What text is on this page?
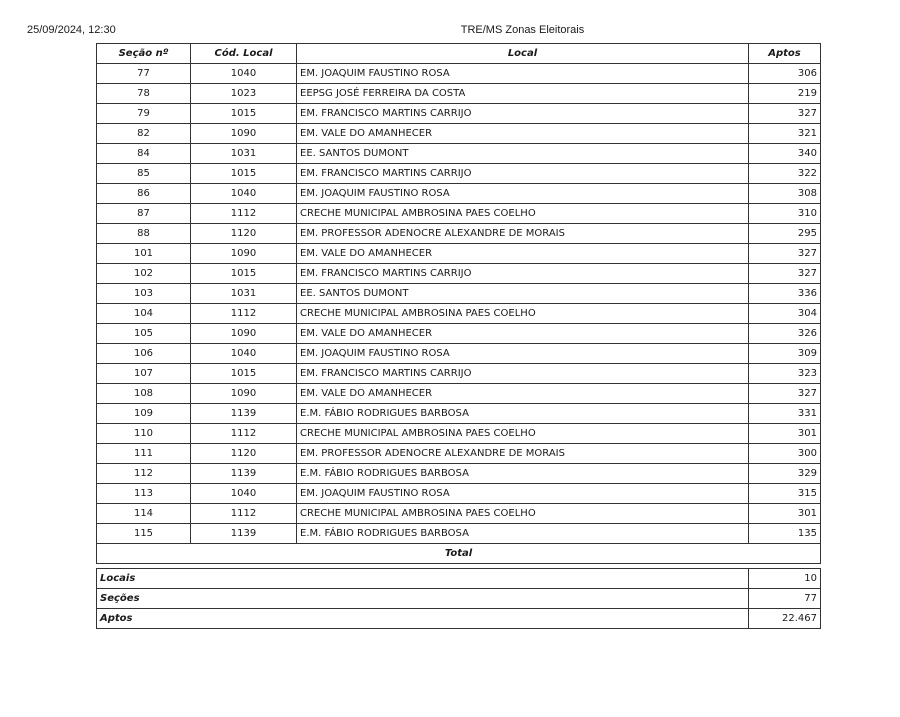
25/09/2024, 12:30	TRE/MS Zonas Eleitorais
Seção nº	Cód. Local	Local	Aptos
77	1040	EM. JOAQUIM FAUSTINO ROSA	306
78	1023	EEPSG JOSÉ FERREIRA DA COSTA	219
79	1015	EM. FRANCISCO MARTINS CARRIJO	327
82	1090	EM. VALE DO AMANHECER	321
84	1031	EE. SANTOS DUMONT	340
85	1015	EM. FRANCISCO MARTINS CARRIJO	322
86	1040	EM. JOAQUIM FAUSTINO ROSA	308
87	1112	CRECHE MUNICIPAL AMBROSINA PAES COELHO	310
88	1120	EM. PROFESSOR ADENOCRE ALEXANDRE DE MORAIS	295
101	1090	EM. VALE DO AMANHECER	327
102	1015	EM. FRANCISCO MARTINS CARRIJO	327
103	1031	EE. SANTOS DUMONT	336
104	1112	CRECHE MUNICIPAL AMBROSINA PAES COELHO	304
105	1090	EM. VALE DO AMANHECER	326
106	1040	EM. JOAQUIM FAUSTINO ROSA	309
107	1015	EM. FRANCISCO MARTINS CARRIJO	323
108	1090	EM. VALE DO AMANHECER	327
109	1139	E.M. FÁBIO RODRIGUES BARBOSA	331
110	1112	CRECHE MUNICIPAL AMBROSINA PAES COELHO	301
111	1120	EM. PROFESSOR ADENOCRE ALEXANDRE DE MORAIS	300
112	1139	E.M. FÁBIO RODRIGUES BARBOSA	329
113	1040	EM. JOAQUIM FAUSTINO ROSA	315
114	1112	CRECHE MUNICIPAL AMBROSINA PAES COELHO	301
115	1139	E.M. FÁBIO RODRIGUES BARBOSA	135
Total			
Locais	10
Seções	77
Aptos	22.467
